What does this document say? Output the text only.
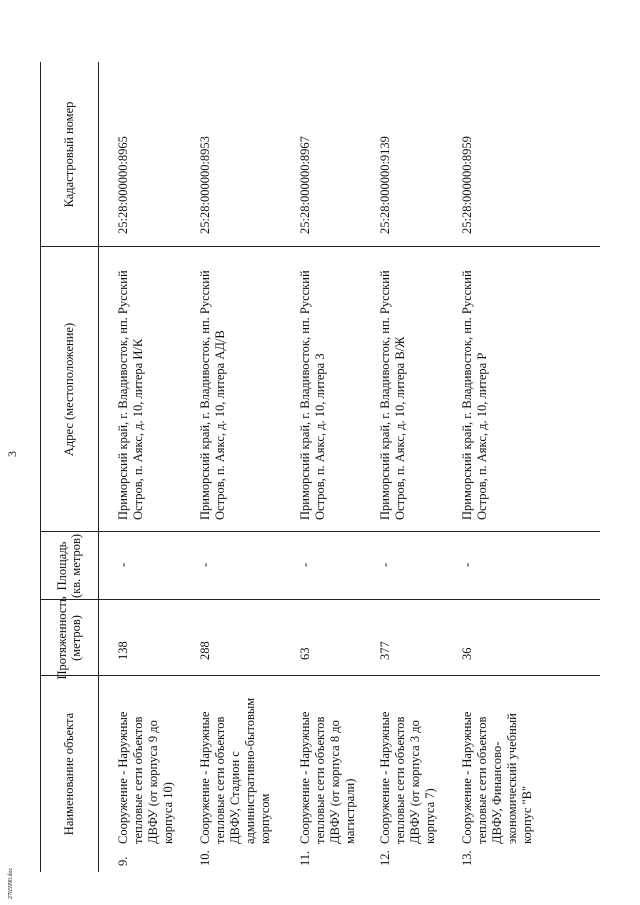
3
2765990.doc
Наименование объекта
Протяженность (метров)
Площадь (кв. метров)
Адрес (местоположение)
Кадастровый номер
9.
Сооружение - Наружные тепловые сети объектов ДВФУ (от корпуса 9 до корпуса 10)
138
-
Приморский край, г. Владивосток, нп. Русский Остров, п. Аякс, д. 10, литера И/К
25:28:000000:8965
10.
Сооружение - Наружные тепловые сети объектов ДВФУ, Стадион с административно-бытовым корпусом
288
-
Приморский край, г. Владивосток, нп. Русский Остров, п. Аякс, д. 10, литера АД/В
25:28:000000:8953
11.
Сооружение - Наружные тепловые сети объектов ДВФУ (от корпуса 8 до магистрали)
63
-
Приморский край, г. Владивосток, нп. Русский Остров, п. Аякс, д. 10, литера З
25:28:000000:8967
12.
Сооружение - Наружные тепловые сети объектов ДВФУ (от корпуса 3 до корпуса 7)
377
-
Приморский край, г. Владивосток, нп. Русский Остров, п. Аякс, д. 10, литера В/Ж
25:28:000000:9139
13.
Сооружение - Наружные тепловые сети объектов ДВФУ, Финансово-экономический учебный корпус "В"
36
-
Приморский край, г. Владивосток, нп. Русский Остров, п. Аякс, д. 10, литера Р
25:28:000000:8959
